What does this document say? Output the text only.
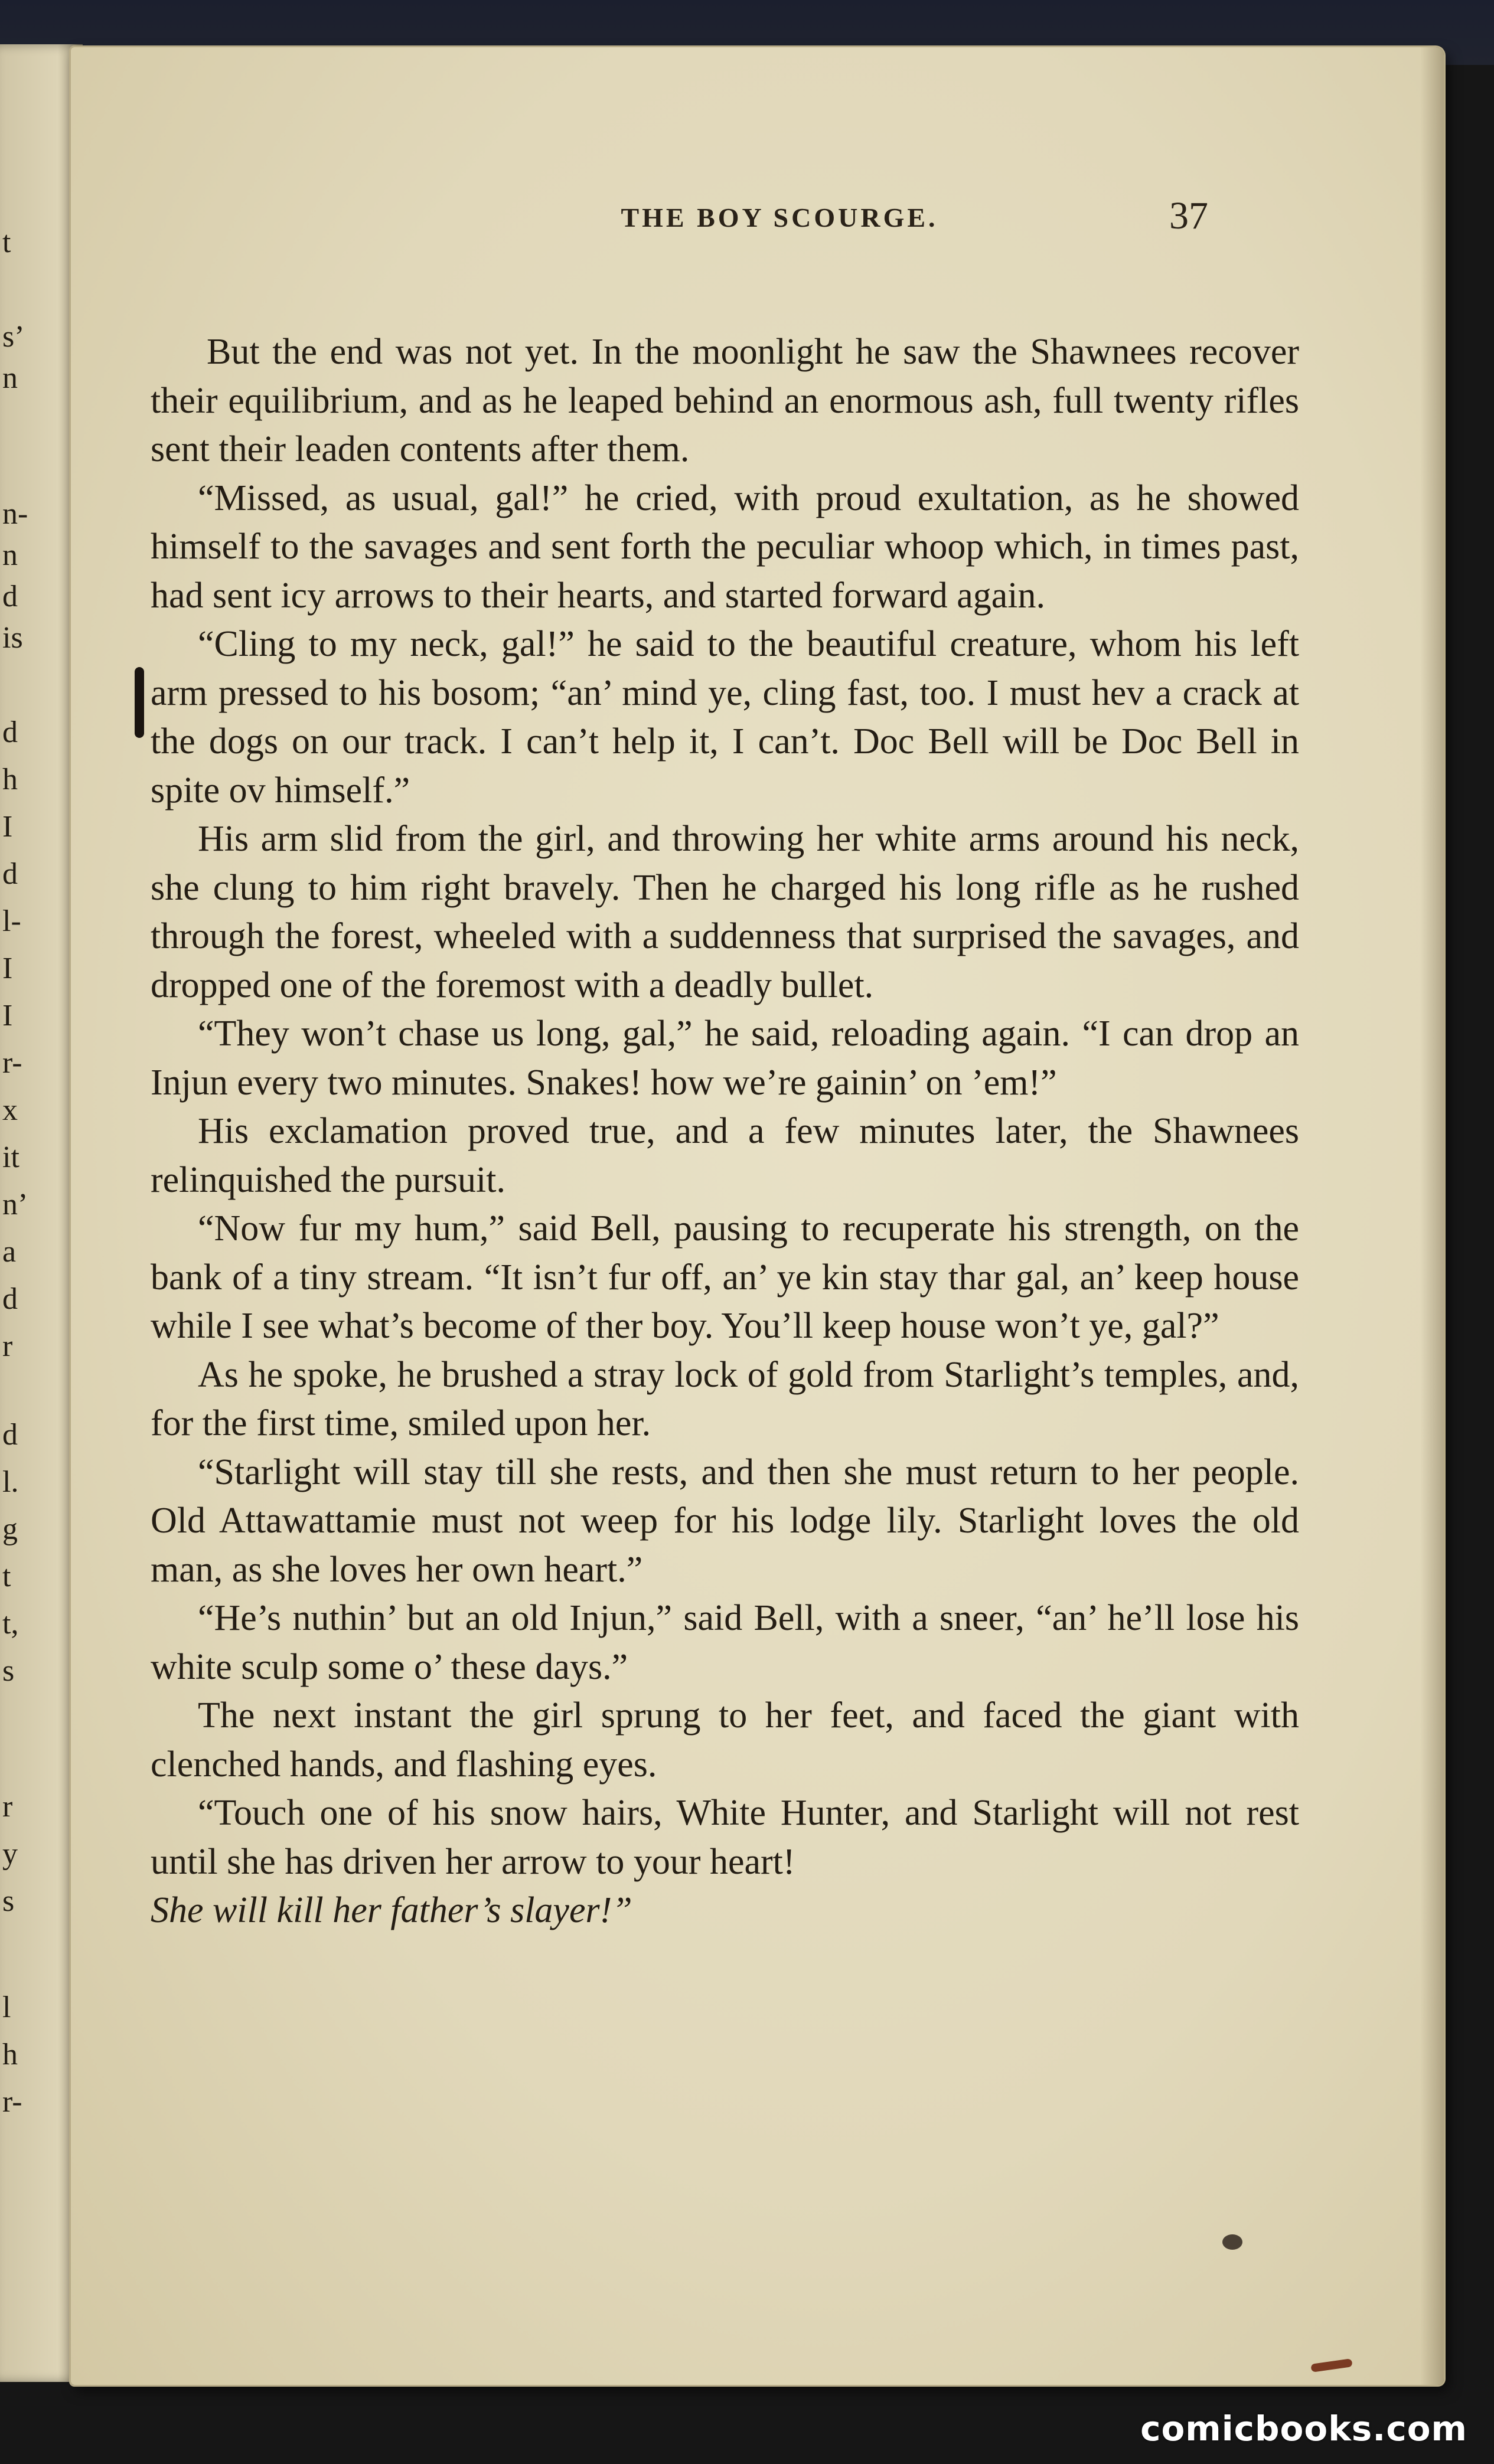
t
s’
n
n-
n
d
is
d
h
I
d
l-
I
I
r-
x
it
n’
a
d
r
d
l.
g
t
t,
s
r
y
s
l
h
r-
THE BOY SCOURGE.	37

But the end was not yet. In the moonlight he saw the Shawnees recover their equilibrium, and as he leaped behind an enormous ash, full twenty rifles sent their leaden contents after them.

“Missed, as usual, gal!” he cried, with proud exultation, as he showed himself to the savages and sent forth the peculiar whoop which, in times past, had sent icy arrows to their hearts, and started forward again.

“Cling to my neck, gal!” he said to the beautiful creature, whom his left arm pressed to his bosom; “an’ mind ye, cling fast, too. I must hev a crack at the dogs on our track. I can’t help it, I can’t. Doc Bell will be Doc Bell in spite ov himself.”

His arm slid from the girl, and throwing her white arms around his neck, she clung to him right bravely. Then he charged his long rifle as he rushed through the forest, wheeled with a suddenness that surprised the savages, and dropped one of the foremost with a deadly bullet.

“They won’t chase us long, gal,” he said, reloading again. “I can drop an Injun every two minutes. Snakes! how we’re gainin’ on ’em!”

His exclamation proved true, and a few minutes later, the Shawnees relinquished the pursuit.

“Now fur my hum,” said Bell, pausing to recuperate his strength, on the bank of a tiny stream. “It isn’t fur off, an’ ye kin stay thar gal, an’ keep house while I see what’s become of ther boy. You’ll keep house won’t ye, gal?”

As he spoke, he brushed a stray lock of gold from Starlight’s temples, and, for the first time, smiled upon her.

“Starlight will stay till she rests, and then she must return to her people. Old Attawattamie must not weep for his lodge lily. Starlight loves the old man, as she loves her own heart.”

“He’s nuthin’ but an old Injun,” said Bell, with a sneer, “an’ he’ll lose his white sculp some o’ these days.”

The next instant the girl sprung to her feet, and faced the giant with clenched hands, and flashing eyes.

“Touch one of his snow hairs, White Hunter, and Starlight will not rest until she has driven her arrow to your heart!
She will kill her father’s slayer!”

comicbooks.com
